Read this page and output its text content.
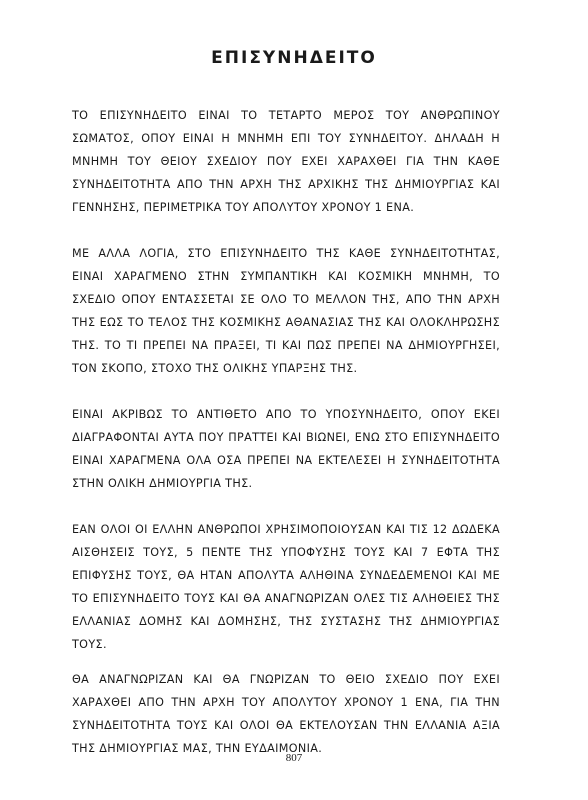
ΕΠΙΣΥΝΗΔΕΙΤΟ

ΤΟ ΕΠΙΣΥΝΗΔΕΙΤΟ ΕΙΝΑΙ ΤΟ ΤΕΤΑΡΤΟ ΜΕΡΟΣ ΤΟΥ ΑΝΘΡΩΠΙΝΟΥ ΣΩΜΑΤΟΣ, ΟΠΟΥ ΕΙΝΑΙ Η ΜΝΗΜΗ ΕΠΙ ΤΟΥ ΣΥΝΗΔΕΙΤΟΥ. ΔΗΛΑΔΗ Η ΜΝΗΜΗ ΤΟΥ ΘΕΙΟΥ ΣΧΕΔΙΟΥ ΠΟΥ ΕΧΕΙ ΧΑΡΑΧΘΕΙ ΓΙΑ ΤΗΝ ΚΑΘΕ ΣΥΝΗΔΕΙΤΟΤΗΤΑ ΑΠΟ ΤΗΝ ΑΡΧΗ ΤΗΣ ΑΡΧΙΚΗΣ ΤΗΣ ΔΗΜΙΟΥΡΓΙΑΣ ΚΑΙ ΓΕΝΝΗΣΗΣ, ΠΕΡΙΜΕΤΡΙΚΑ ΤΟΥ ΑΠΟΛΥΤΟΥ ΧΡΟΝΟΥ 1 ΕΝΑ.

ΜΕ ΑΛΛΑ ΛΟΓΙΑ, ΣΤΟ ΕΠΙΣΥΝΗΔΕΙΤΟ ΤΗΣ ΚΑΘΕ ΣΥΝΗΔΕΙΤΟΤΗΤΑΣ, ΕΙΝΑΙ ΧΑΡΑΓΜΕΝΟ ΣΤΗΝ ΣΥΜΠΑΝΤΙΚΗ ΚΑΙ ΚΟΣΜΙΚΗ ΜΝΗΜΗ, ΤΟ ΣΧΕΔΙΟ ΟΠΟΥ ΕΝΤΑΣΣΕΤΑΙ ΣΕ ΟΛΟ ΤΟ ΜΕΛΛΟΝ ΤΗΣ, ΑΠΟ ΤΗΝ ΑΡΧΗ ΤΗΣ ΕΩΣ ΤΟ ΤΕΛΟΣ ΤΗΣ ΚΟΣΜΙΚΗΣ ΑΘΑΝΑΣΙΑΣ ΤΗΣ ΚΑΙ ΟΛΟΚΛΗΡΩΣΗΣ ΤΗΣ. ΤΟ ΤΙ ΠΡΕΠΕΙ ΝΑ ΠΡΑΞΕΙ, ΤΙ ΚΑΙ ΠΩΣ ΠΡΕΠΕΙ ΝΑ ΔΗΜΙΟΥΡΓΗΣΕΙ, ΤΟΝ ΣΚΟΠΟ, ΣΤΟΧΟ ΤΗΣ ΟΛΙΚΗΣ ΥΠΑΡΞΗΣ ΤΗΣ.

ΕΙΝΑΙ ΑΚΡΙΒΩΣ ΤΟ ΑΝΤΙΘΕΤΟ ΑΠΟ ΤΟ ΥΠΟΣΥΝΗΔΕΙΤΟ, ΟΠΟΥ ΕΚΕΙ ΔΙΑΓΡΑΦΟΝΤΑΙ ΑΥΤΑ ΠΟΥ ΠΡΑΤΤΕΙ ΚΑΙ ΒΙΩΝΕΙ, ΕΝΩ ΣΤΟ ΕΠΙΣΥΝΗΔΕΙΤΟ ΕΙΝΑΙ ΧΑΡΑΓΜΕΝΑ ΟΛΑ ΟΣΑ ΠΡΕΠΕΙ ΝΑ ΕΚΤΕΛΕΣΕΙ Η ΣΥΝΗΔΕΙΤΟΤΗΤΑ ΣΤΗΝ ΟΛΙΚΗ ΔΗΜΙΟΥΡΓΙΑ ΤΗΣ.

ΕΑΝ ΟΛΟΙ ΟΙ ΕΛΛΗΝ ΑΝΘΡΩΠΟΙ ΧΡΗΣΙΜΟΠΟΙΟΥΣΑΝ ΚΑΙ ΤΙΣ 12 ΔΩΔΕΚΑ ΑΙΣΘΗΣΕΙΣ ΤΟΥΣ, 5 ΠΕΝΤΕ ΤΗΣ ΥΠΟΦΥΣΗΣ ΤΟΥΣ ΚΑΙ 7 ΕΦΤΑ ΤΗΣ ΕΠΙΦΥΣΗΣ ΤΟΥΣ, ΘΑ ΗΤΑΝ ΑΠΟΛΥΤΑ ΑΛΗΘΙΝΑ ΣΥΝΔΕΔΕΜΕΝΟΙ ΚΑΙ ΜΕ ΤΟ ΕΠΙΣΥΝΗΔΕΙΤΟ ΤΟΥΣ ΚΑΙ ΘΑ ΑΝΑΓΝΩΡΙΖΑΝ ΟΛΕΣ ΤΙΣ ΑΛΗΘΕΙΕΣ ΤΗΣ ΕΛΛΑΝΙΑΣ ΔΟΜΗΣ ΚΑΙ ΔΟΜΗΣΗΣ, ΤΗΣ ΣΥΣΤΑΣΗΣ ΤΗΣ ΔΗΜΙΟΥΡΓΙΑΣ ΤΟΥΣ.

ΘΑ ΑΝΑΓΝΩΡΙΖΑΝ ΚΑΙ ΘΑ ΓΝΩΡΙΖΑΝ ΤΟ ΘΕΙΟ ΣΧΕΔΙΟ ΠΟΥ ΕΧΕΙ ΧΑΡΑΧΘΕΙ ΑΠΟ ΤΗΝ ΑΡΧΗ ΤΟΥ ΑΠΟΛΥΤΟΥ ΧΡΟΝΟΥ 1 ΕΝΑ, ΓΙΑ ΤΗΝ ΣΥΝΗΔΕΙΤΟΤΗΤΑ ΤΟΥΣ ΚΑΙ ΟΛΟΙ ΘΑ ΕΚΤΕΛΟΥΣΑΝ ΤΗΝ ΕΛΛΑΝΙΑ ΑΞΙΑ ΤΗΣ ΔΗΜΙΟΥΡΓΙΑΣ ΜΑΣ, ΤΗΝ ΕΥΔΑΙΜΟΝΙΑ.

807
